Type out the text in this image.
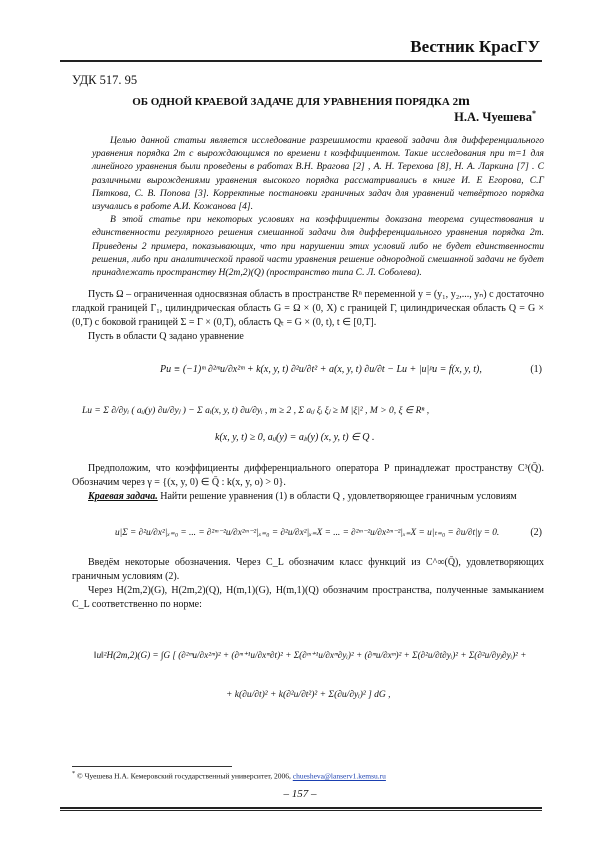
Вестник КрасГУ
УДК 517. 95
ОБ ОДНОЙ КРАЕВОЙ ЗАДАЧЕ ДЛЯ УРАВНЕНИЯ ПОРЯДКА 2m
Н.А. Чуешева*

Целью данной статьи является исследование разрешимости краевой задачи для дифференциального уравнения порядка 2m с вырождающимся по времени t коэффициентом. Такие исследования при m=1 для линейного уравнения были проведены в работах В.Н. Врагова [2] , А. Н. Терехова [8], Н. А. Ларкина [7] . С различными вырождениями уравнения высокого порядка рассматривались в книге И. Е Егорова, С.Г Пяткова, С. В. Попова [3]. Корректные постановки граничных задач для уравнений четвёртого порядка изучались в работе А.И. Кожанова [4].

В этой статье при некоторых условиях на коэффициенты доказана теорема существования и единственности регулярного решения смешанной задачи для дифференциального уравнения порядка 2m. Приведены 2 примера, показывающих, что при нарушении этих условий либо не будет единственности решения, либо при аналитической правой части уравнения решение однородной смешанной задачи не будет принадлежать пространству H(2m,2)(Q) (пространство типа С. Л. Соболева).

Пусть Ω – ограниченная односвязная область в пространстве Rⁿ переменной y = (y₁, y₂,..., yₙ) с достаточно гладкой границей Γ₁, цилиндрическая область G = Ω × (0, X) с границей Γ, цилиндрическая область Q = G × (0,T) с боковой границей Σ = Γ × (0,T), область Qₜ = G × (0, t), t ∈ [0,T].

Пусть в области Q задано уравнение

Pu ≡ (−1)ᵐ ∂²ᵐu/∂x²ᵐ + k(x, y, t) ∂²u/∂t² + a(x, y, t) ∂u/∂t − Lu + |u|ᵖu = f(x, y, t),	(1)
Lu = Σ ∂/∂yᵢ ( aᵢⱼ(y) ∂u/∂yⱼ ) − Σ aᵢ(x, y, t) ∂u/∂yᵢ , m ≥ 2 , Σ aᵢⱼ ξᵢ ξⱼ ≥ M |ξ|² , M > 0, ξ ∈ Rⁿ ,
k(x, y, t) ≥ 0, aᵢⱼ(y) = aⱼᵢ(y) (x, y, t) ∈ Q .

Предположим, что коэффициенты дифференциального оператора P принадлежат пространству C³(Q̄). Обозначим через γ = {(x, y, 0) ∈ Q̄ : k(x, y, o) > 0}.

Краевая задача. Найти решение уравнения (1) в области Q , удовлетворяющее граничным условиям

u|Σ = ∂²u/∂x²|ₓ₌₀ = ... = ∂²ᵐ⁻²u/∂x²ᵐ⁻²|ₓ₌₀ = ∂²u/∂x²|ₓ₌X = ... = ∂²ᵐ⁻²u/∂x²ᵐ⁻²|ₓ₌X = u|ₜ₌₀ = ∂u/∂t|γ = 0.	(2)

Введём некоторые обозначения. Через C_L обозначим класс функций из C^∞(Q̄), удовлетворяющих граничным условиям (2).

Через H(2m,2)(G), H(2m,2)(Q), H(m,1)(G), H(m,1)(Q) обозначим пространства, полученные замыканием C_L соответственно по норме:

‖u‖²H(2m,2)(G) = ∫G [ (∂²ᵐu/∂x²ᵐ)² + (∂ᵐ⁺¹u/∂xᵐ∂t)² + Σ(∂ᵐ⁺¹u/∂xᵐ∂yᵢ)² + (∂ᵐu/∂xᵐ)² + Σ(∂²u/∂t∂yᵢ)² + Σ(∂²u/∂yⱼ∂yᵢ)² +
+ k(∂u/∂t)² + k(∂²u/∂t²)² + Σ(∂u/∂yᵢ)² ] dG ,
* © Чуешева Н.А. Кемеровский государственный университет, 2006, chuesheva@lanserv1.kemsu.ru
– 157 –
